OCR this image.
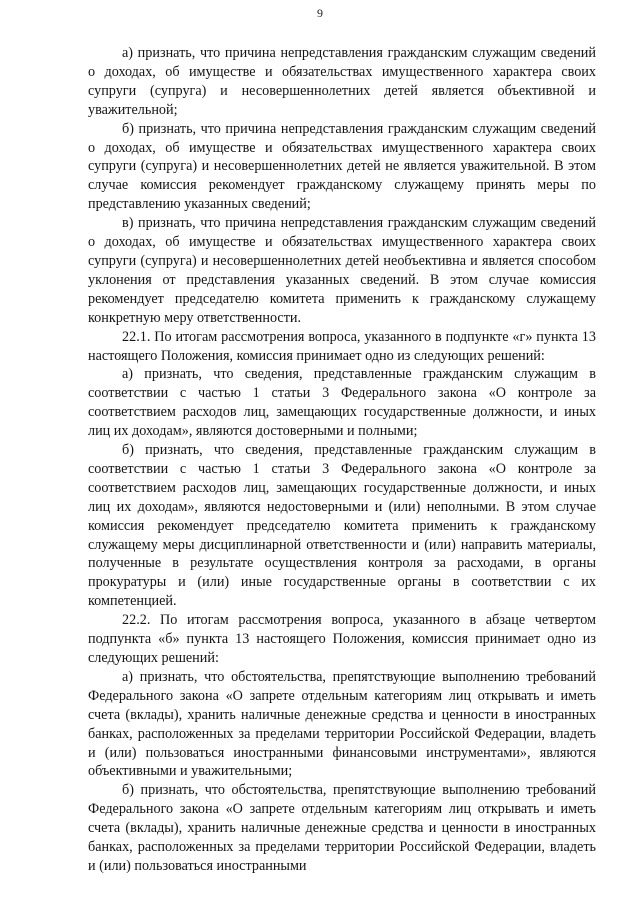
9

а) признать, что причина непредставления гражданским служащим сведений о доходах, об имуществе и обязательствах имущественного характера своих супруги (супруга) и несовершеннолетних детей является объективной и уважительной;

б) признать, что причина непредставления гражданским служащим сведений о доходах, об имуществе и обязательствах имущественного характера своих супруги (супруга) и несовершеннолетних детей не является уважительной. В этом случае комиссия рекомендует гражданскому служащему принять меры по представлению указанных сведений;

в) признать, что причина непредставления гражданским служащим сведений о доходах, об имуществе и обязательствах имущественного характера своих супруги (супруга) и несовершеннолетних детей необъективна и является способом уклонения от представления указанных сведений. В этом случае комиссия рекомендует председателю комитета применить к гражданскому служащему конкретную меру ответственности.

22.1. По итогам рассмотрения вопроса, указанного в подпункте «г» пункта 13 настоящего Положения, комиссия принимает одно из следующих решений:

а) признать, что сведения, представленные гражданским служащим в соответствии с частью 1 статьи 3 Федерального закона «О контроле за соответствием расходов лиц, замещающих государственные должности, и иных лиц их доходам», являются достоверными и полными;

б) признать, что сведения, представленные гражданским служащим в соответствии с частью 1 статьи 3 Федерального закона «О контроле за соответствием расходов лиц, замещающих государственные должности, и иных лиц их доходам», являются недостоверными и (или) неполными. В этом случае комиссия рекомендует председателю комитета применить к гражданскому служащему меры дисциплинарной ответственности и (или) направить материалы, полученные в результате осуществления контроля за расходами, в органы прокуратуры и (или) иные государственные органы в соответствии с их компетенцией.

22.2. По итогам рассмотрения вопроса, указанного в абзаце четвертом подпункта «б» пункта 13 настоящего Положения, комиссия принимает одно из следующих решений:

а) признать, что обстоятельства, препятствующие выполнению требований Федерального закона «О запрете отдельным категориям лиц открывать и иметь счета (вклады), хранить наличные денежные средства и ценности в иностранных банках, расположенных за пределами территории Российской Федерации, владеть и (или) пользоваться иностранными финансовыми инструментами», являются объективными и уважительными;

б) признать, что обстоятельства, препятствующие выполнению требований Федерального закона «О запрете отдельным категориям лиц открывать и иметь счета (вклады), хранить наличные денежные средства и ценности в иностранных банках, расположенных за пределами территории Российской Федерации, владеть и (или) пользоваться иностранными
